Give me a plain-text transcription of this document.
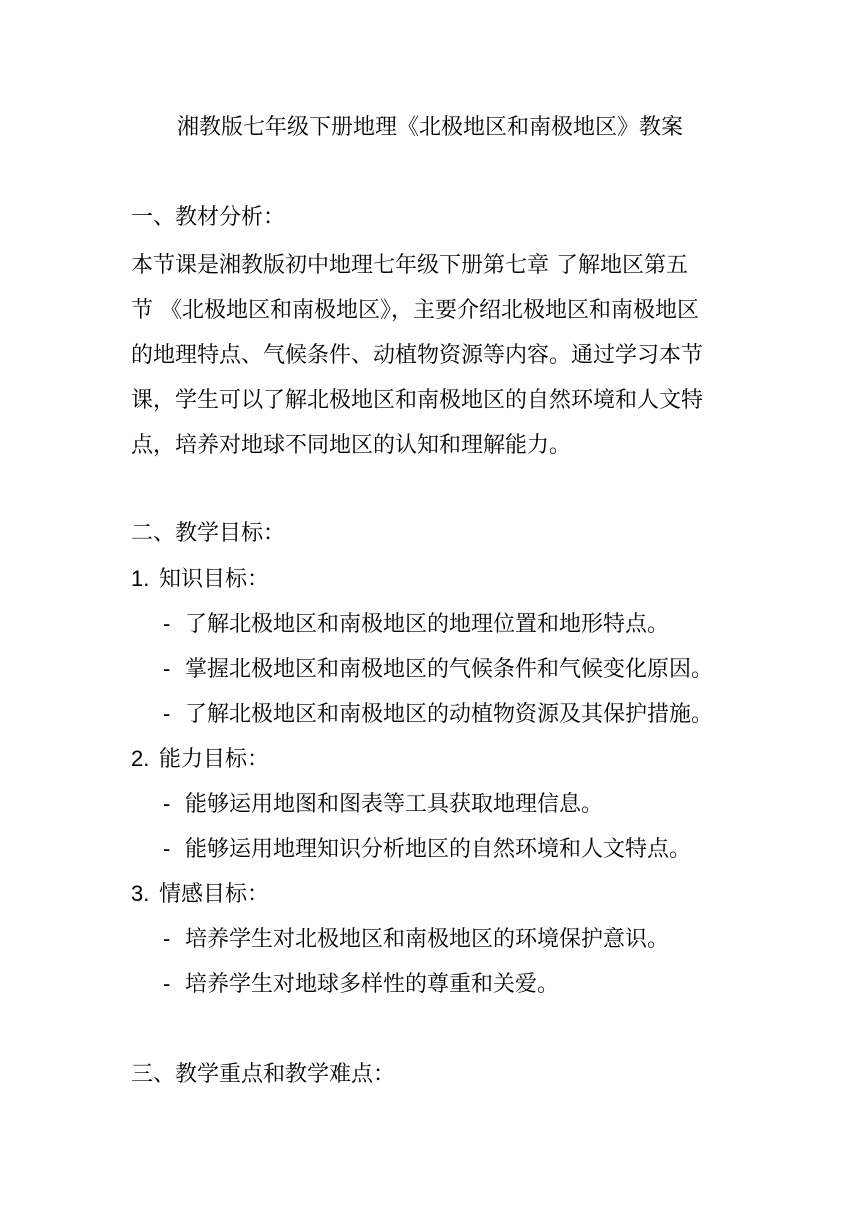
湘教版七年级下册地理《北极地区和南极地区》教案
一、教材分析：
本节课是湘教版初中地理七年级下册第七章 了解地区第五
节 《北极地区和南极地区》，主要介绍北极地区和南极地区
的地理特点、气候条件、动植物资源等内容。通过学习本节
课，学生可以了解北极地区和南极地区的自然环境和人文特
点，培养对地球不同地区的认知和理解能力。
二、教学目标：
1. 知识目标：
- 了解北极地区和南极地区的地理位置和地形特点。
- 掌握北极地区和南极地区的气候条件和气候变化原因。
- 了解北极地区和南极地区的动植物资源及其保护措施。
2. 能力目标：
- 能够运用地图和图表等工具获取地理信息。
- 能够运用地理知识分析地区的自然环境和人文特点。
3. 情感目标：
- 培养学生对北极地区和南极地区的环境保护意识。
- 培养学生对地球多样性的尊重和关爱。
三、教学重点和教学难点：
